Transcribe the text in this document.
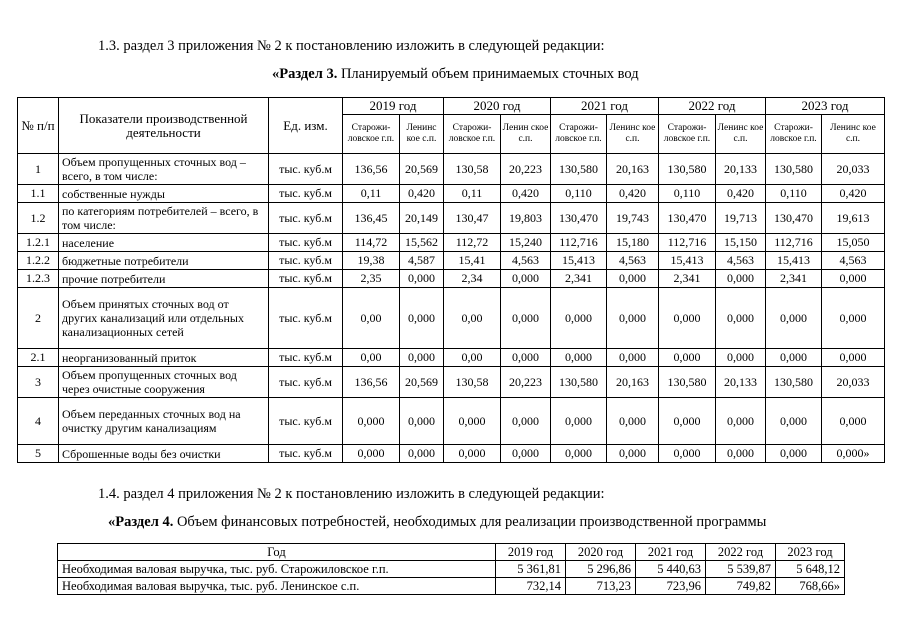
1.3. раздел 3 приложения № 2 к постановлению изложить в следующей редакции:
«Раздел 3. Планируемый объем принимаемых сточных вод
№ п/п	Показатели производственной деятельности	Ед. изм.	2019 год		2020 год		2021 год		2022 год		2023 год	
			Старожи-ловское г.п.	Ленинс кое с.п.	Старожи-ловское г.п.	Ленин ское с.п.	Старожи-ловское г.п.	Ленинс кое с.п.	Старожи-ловское г.п.	Ленинс кое с.п.	Старожи-ловское г.п.	Ленинс кое с.п.
1	Объем пропущенных сточных вод – всего, в том числе:	тыс. куб.м	136,56	20,569	130,58	20,223	130,580	20,163	130,580	20,133	130,580	20,033
1.1	собственные нужды	тыс. куб.м	0,11	0,420	0,11	0,420	0,110	0,420	0,110	0,420	0,110	0,420
1.2	по категориям потребителей – всего, в том числе:	тыс. куб.м	136,45	20,149	130,47	19,803	130,470	19,743	130,470	19,713	130,470	19,613
1.2.1	население	тыс. куб.м	114,72	15,562	112,72	15,240	112,716	15,180	112,716	15,150	112,716	15,050
1.2.2	бюджетные потребители	тыс. куб.м	19,38	4,587	15,41	4,563	15,413	4,563	15,413	4,563	15,413	4,563
1.2.3	прочие потребители	тыс. куб.м	2,35	0,000	2,34	0,000	2,341	0,000	2,341	0,000	2,341	0,000
2	Объем принятых сточных вод от других канализаций или отдельных канализационных сетей	тыс. куб.м	0,00	0,000	0,00	0,000	0,000	0,000	0,000	0,000	0,000	0,000
2.1	неорганизованный приток	тыс. куб.м	0,00	0,000	0,00	0,000	0,000	0,000	0,000	0,000	0,000	0,000
3	Объем пропущенных сточных вод через очистные сооружения	тыс. куб.м	136,56	20,569	130,58	20,223	130,580	20,163	130,580	20,133	130,580	20,033
4	Объем переданных сточных вод на очистку другим канализациям	тыс. куб.м	0,000	0,000	0,000	0,000	0,000	0,000	0,000	0,000	0,000	0,000
5	Сброшенные воды без очистки	тыс. куб.м	0,000	0,000	0,000	0,000	0,000	0,000	0,000	0,000	0,000	0,000»
1.4. раздел 4 приложения № 2 к постановлению изложить в следующей редакции:
«Раздел 4. Объем финансовых потребностей, необходимых для реализации производственной программы
Год	2019 год	2020 год	2021 год	2022 год	2023 год
Необходимая валовая выручка, тыс. руб. Старожиловское г.п.	5 361,81	5 296,86	5 440,63	5 539,87	5 648,12
Необходимая валовая выручка, тыс. руб. Ленинское с.п.	732,14	713,23	723,96	749,82	768,66»
